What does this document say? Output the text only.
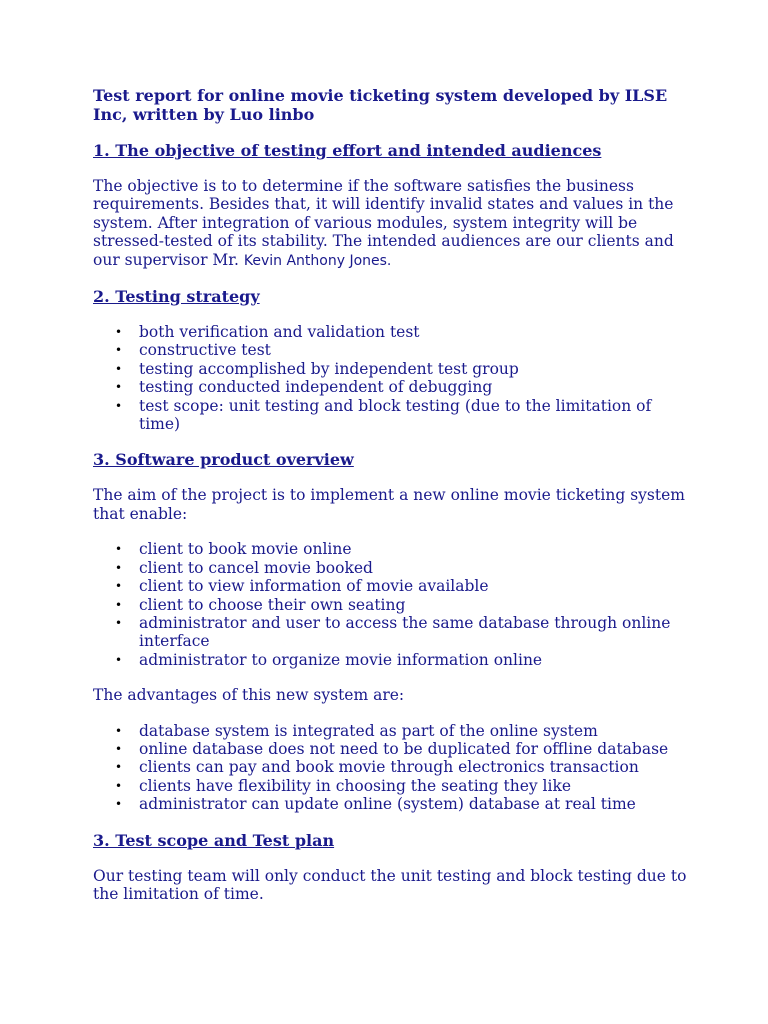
Test report for online movie ticketing system developed by ILSE Inc, written by Luo linbo
1. The objective of testing effort and intended audiences
The objective is to to determine if the software satisfies the business requirements. Besides that, it will identify invalid states and values in the system. After integration of various modules, system integrity will be stressed-tested of its stability. The intended audiences are our clients and our supervisor Mr. Kevin Anthony Jones.
2. Testing strategy
• both verification and validation test
• constructive test
• testing accomplished by independent test group
• testing conducted independent of debugging
• test scope: unit testing and block testing (due to the limitation of time)
3. Software product overview
The aim of the project is to implement a new online movie ticketing system that enable:
• client to book movie online
• client to cancel movie booked
• client to view information of movie available
• client to choose their own seating
• administrator and user to access the same database through online interface
• administrator to organize movie information online
The advantages of this new system are:
• database system is integrated as part of the online system
• online database does not need to be duplicated for offline database
• clients can pay and book movie through electronics transaction
• clients have flexibility in choosing the seating they like
• administrator can update online (system) database at real time
3. Test scope and Test plan
Our testing team will only conduct the unit testing and block testing due to the limitation of time.
